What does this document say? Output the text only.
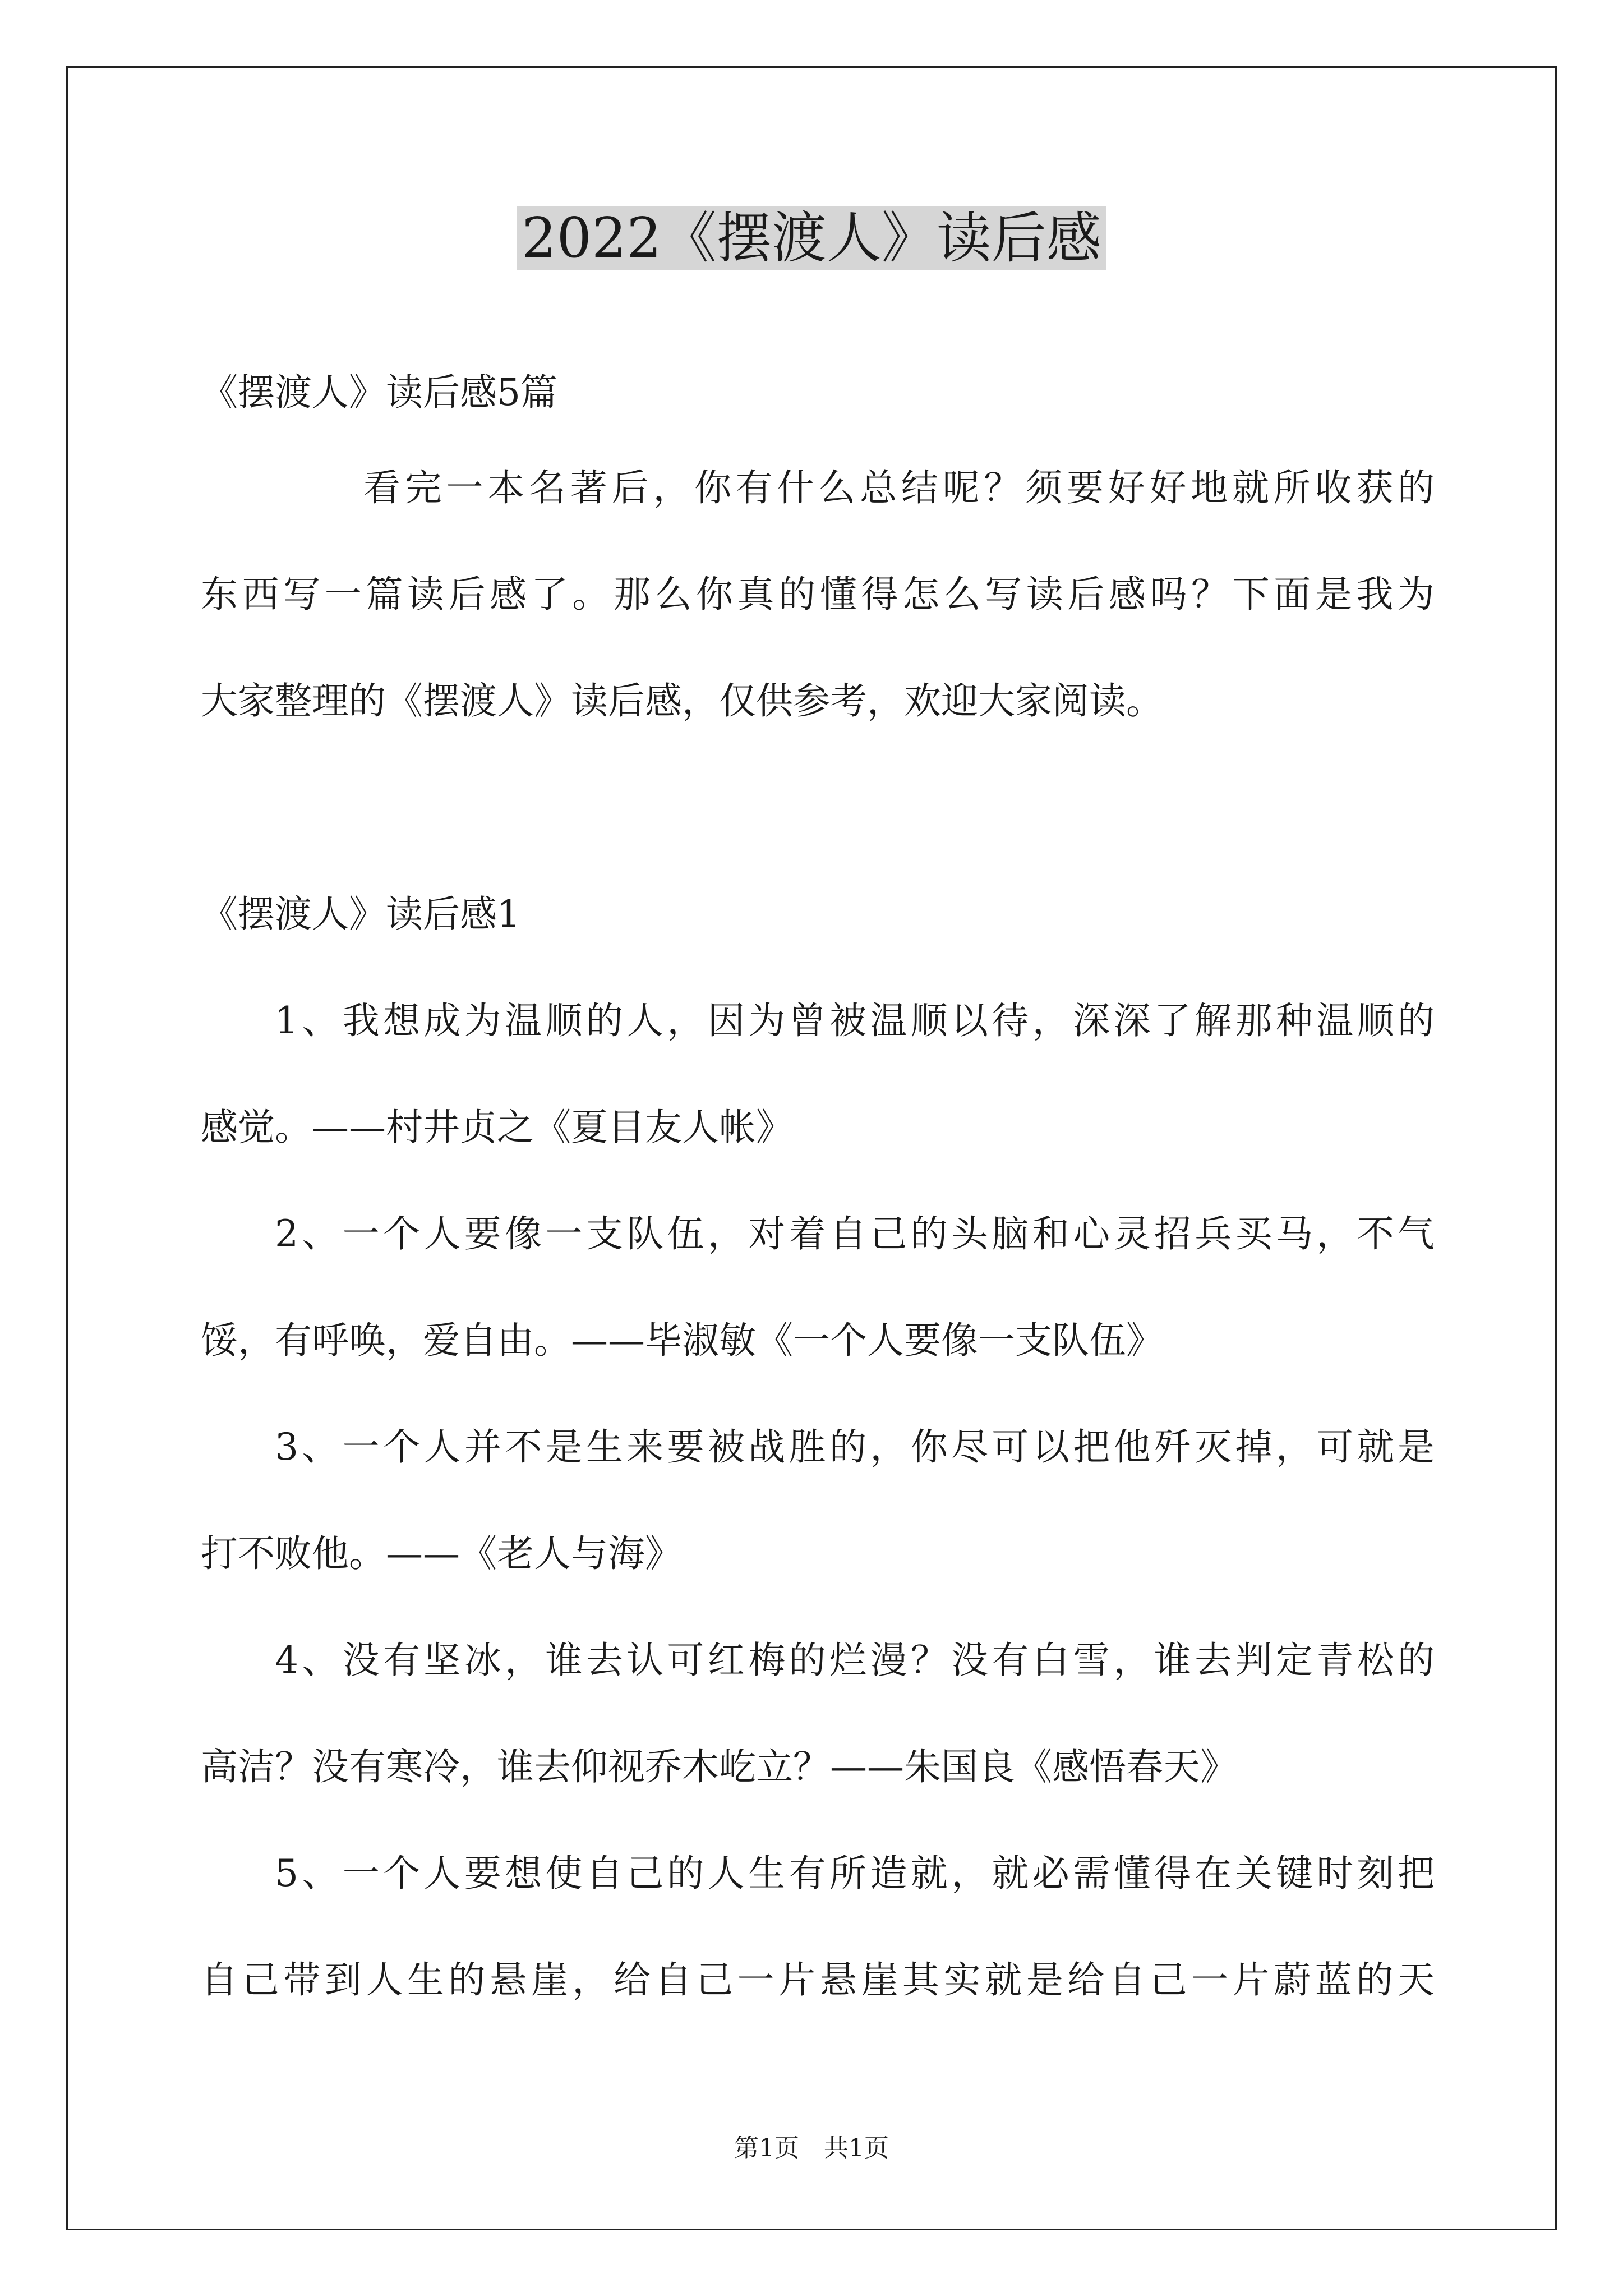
2022《摆渡人》读后感
《摆渡人》读后感5篇
看完一本名著后，你有什么总结呢？须要好好地就所收获的
东西写一篇读后感了。那么你真的懂得怎么写读后感吗？下面是我为
大家整理的《摆渡人》读后感，仅供参考，欢迎大家阅读。
《摆渡人》读后感1
1、我想成为温顺的人，因为曾被温顺以待，深深了解那种温顺的
感觉。——村井贞之《夏目友人帐》
2、一个人要像一支队伍，对着自己的头脑和心灵招兵买马，不气
馁，有呼唤，爱自由。——毕淑敏《一个人要像一支队伍》
3、一个人并不是生来要被战胜的，你尽可以把他歼灭掉，可就是
打不败他。——《老人与海》
4、没有坚冰，谁去认可红梅的烂漫？没有白雪，谁去判定青松的
高洁？没有寒冷，谁去仰视乔木屹立？——朱国良《感悟春天》
5、一个人要想使自己的人生有所造就，就必需懂得在关键时刻把
自己带到人生的悬崖，给自己一片悬崖其实就是给自己一片蔚蓝的天
第1页　共1页
